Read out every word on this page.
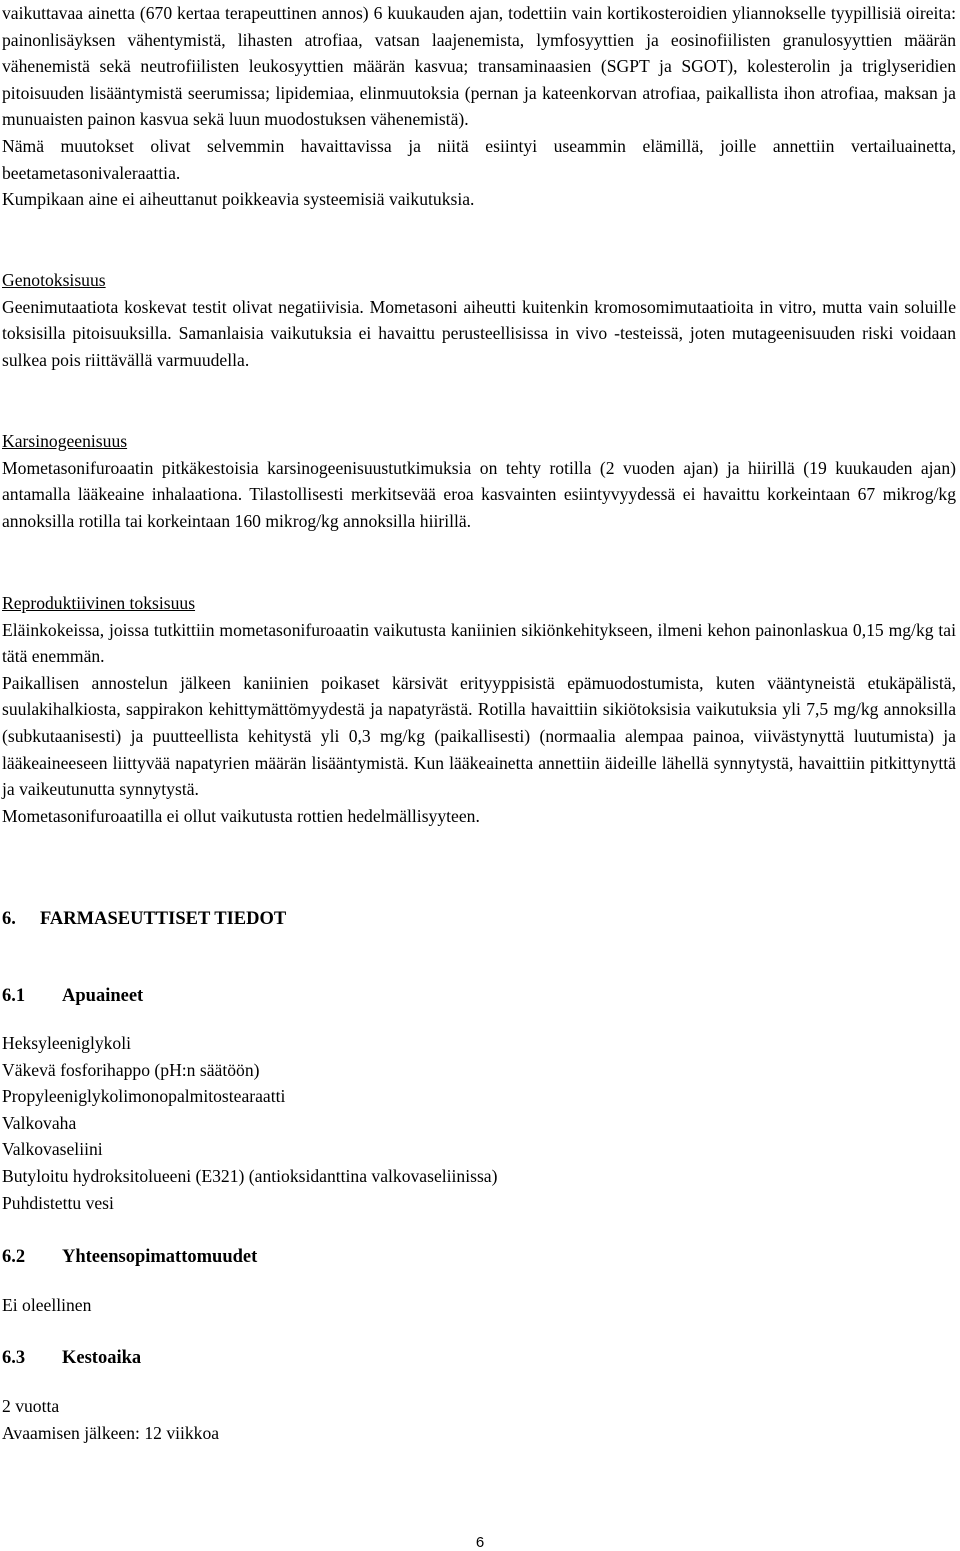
vaikuttavaa ainetta (670 kertaa terapeuttinen annos) 6 kuukauden ajan, todettiin vain kortikosteroidien yliannokselle tyypillisiä oireita: painonlisäyksen vähentymistä, lihasten atrofiaa, vatsan laajenemista, lymfosyyttien ja eosinofiilisten granulosyyttien määrän vähenemistä sekä neutrofiilisten leukosyyttien määrän kasvua; transaminaasien (SGPT ja SGOT), kolesterolin ja triglyseridien pitoisuuden lisääntymistä seerumissa; lipidemiaa, elinmuutoksia (pernan ja kateenkorvan atrofiaa, paikallista ihon atrofiaa, maksan ja munuaisten painon kasvua sekä luun muodostuksen vähenemistä).

Nämä muutokset olivat selvemmin havaittavissa ja niitä esiintyi useammin elämillä, joille annettiin vertailuainetta, beetametasonivaleraattia.

Kumpikaan aine ei aiheuttanut poikkeavia systeemisiä vaikutuksia.

Genotoksisuus

Geenimutaatiota koskevat testit olivat negatiivisia. Mometasoni aiheutti kuitenkin kromosomimutaatioita in vitro, mutta vain soluille toksisilla pitoisuuksilla. Samanlaisia vaikutuksia ei havaittu perusteellisissa in vivo -testeissä, joten mutageenisuuden riski voidaan sulkea pois riittävällä varmuudella.

Karsinogeenisuus

Mometasonifuroaatin pitkäkestoisia karsinogeenisuustutkimuksia on tehty rotilla (2 vuoden ajan) ja hiirillä (19 kuukauden ajan) antamalla lääkeaine inhalaationa. Tilastollisesti merkitsevää eroa kasvainten esiintyvyydessä ei havaittu korkeintaan 67 mikrog/kg annoksilla rotilla tai korkeintaan 160 mikrog/kg annoksilla hiirillä.

Reproduktiivinen toksisuus

Eläinkokeissa, joissa tutkittiin mometasonifuroaatin vaikutusta kaniinien sikiönkehitykseen, ilmeni kehon painonlaskua 0,15 mg/kg tai tätä enemmän.

Paikallisen annostelun jälkeen kaniinien poikaset kärsivät erityyppisistä epämuodostumista, kuten vääntyneistä etukäpälistä, suulakihalkiosta, sappirakon kehittymättömyydestä ja napatyrästä. Rotilla havaittiin sikiötoksisia vaikutuksia yli 7,5 mg/kg annoksilla (subkutaanisesti) ja puutteellista kehitystä yli 0,3 mg/kg (paikallisesti) (normaalia alempaa painoa, viivästynyttä luutumista) ja lääkeaineeseen liittyvää napatyrien määrän lisääntymistä. Kun lääkeainetta annettiin äideille lähellä synnytystä, havaittiin pitkittynyttä ja vaikeutunutta synnytystä.

Mometasonifuroaatilla ei ollut vaikutusta rottien hedelmällisyyteen.

6. FARMASEUTTISET TIEDOT

6.1 Apuaineet

Heksyleeniglykoli

Väkevä fosforihappo (pH:n säätöön)

Propyleeniglykolimonopalmitostearaatti

Valkovaha

Valkovaseliini

Butyloitu hydroksitolueeni (E321) (antioksidanttina valkovaseliinissa)

Puhdistettu vesi

6.2 Yhteensopimattomuudet

Ei oleellinen

6.3 Kestoaika

2 vuotta

Avaamisen jälkeen: 12 viikkoa

6
